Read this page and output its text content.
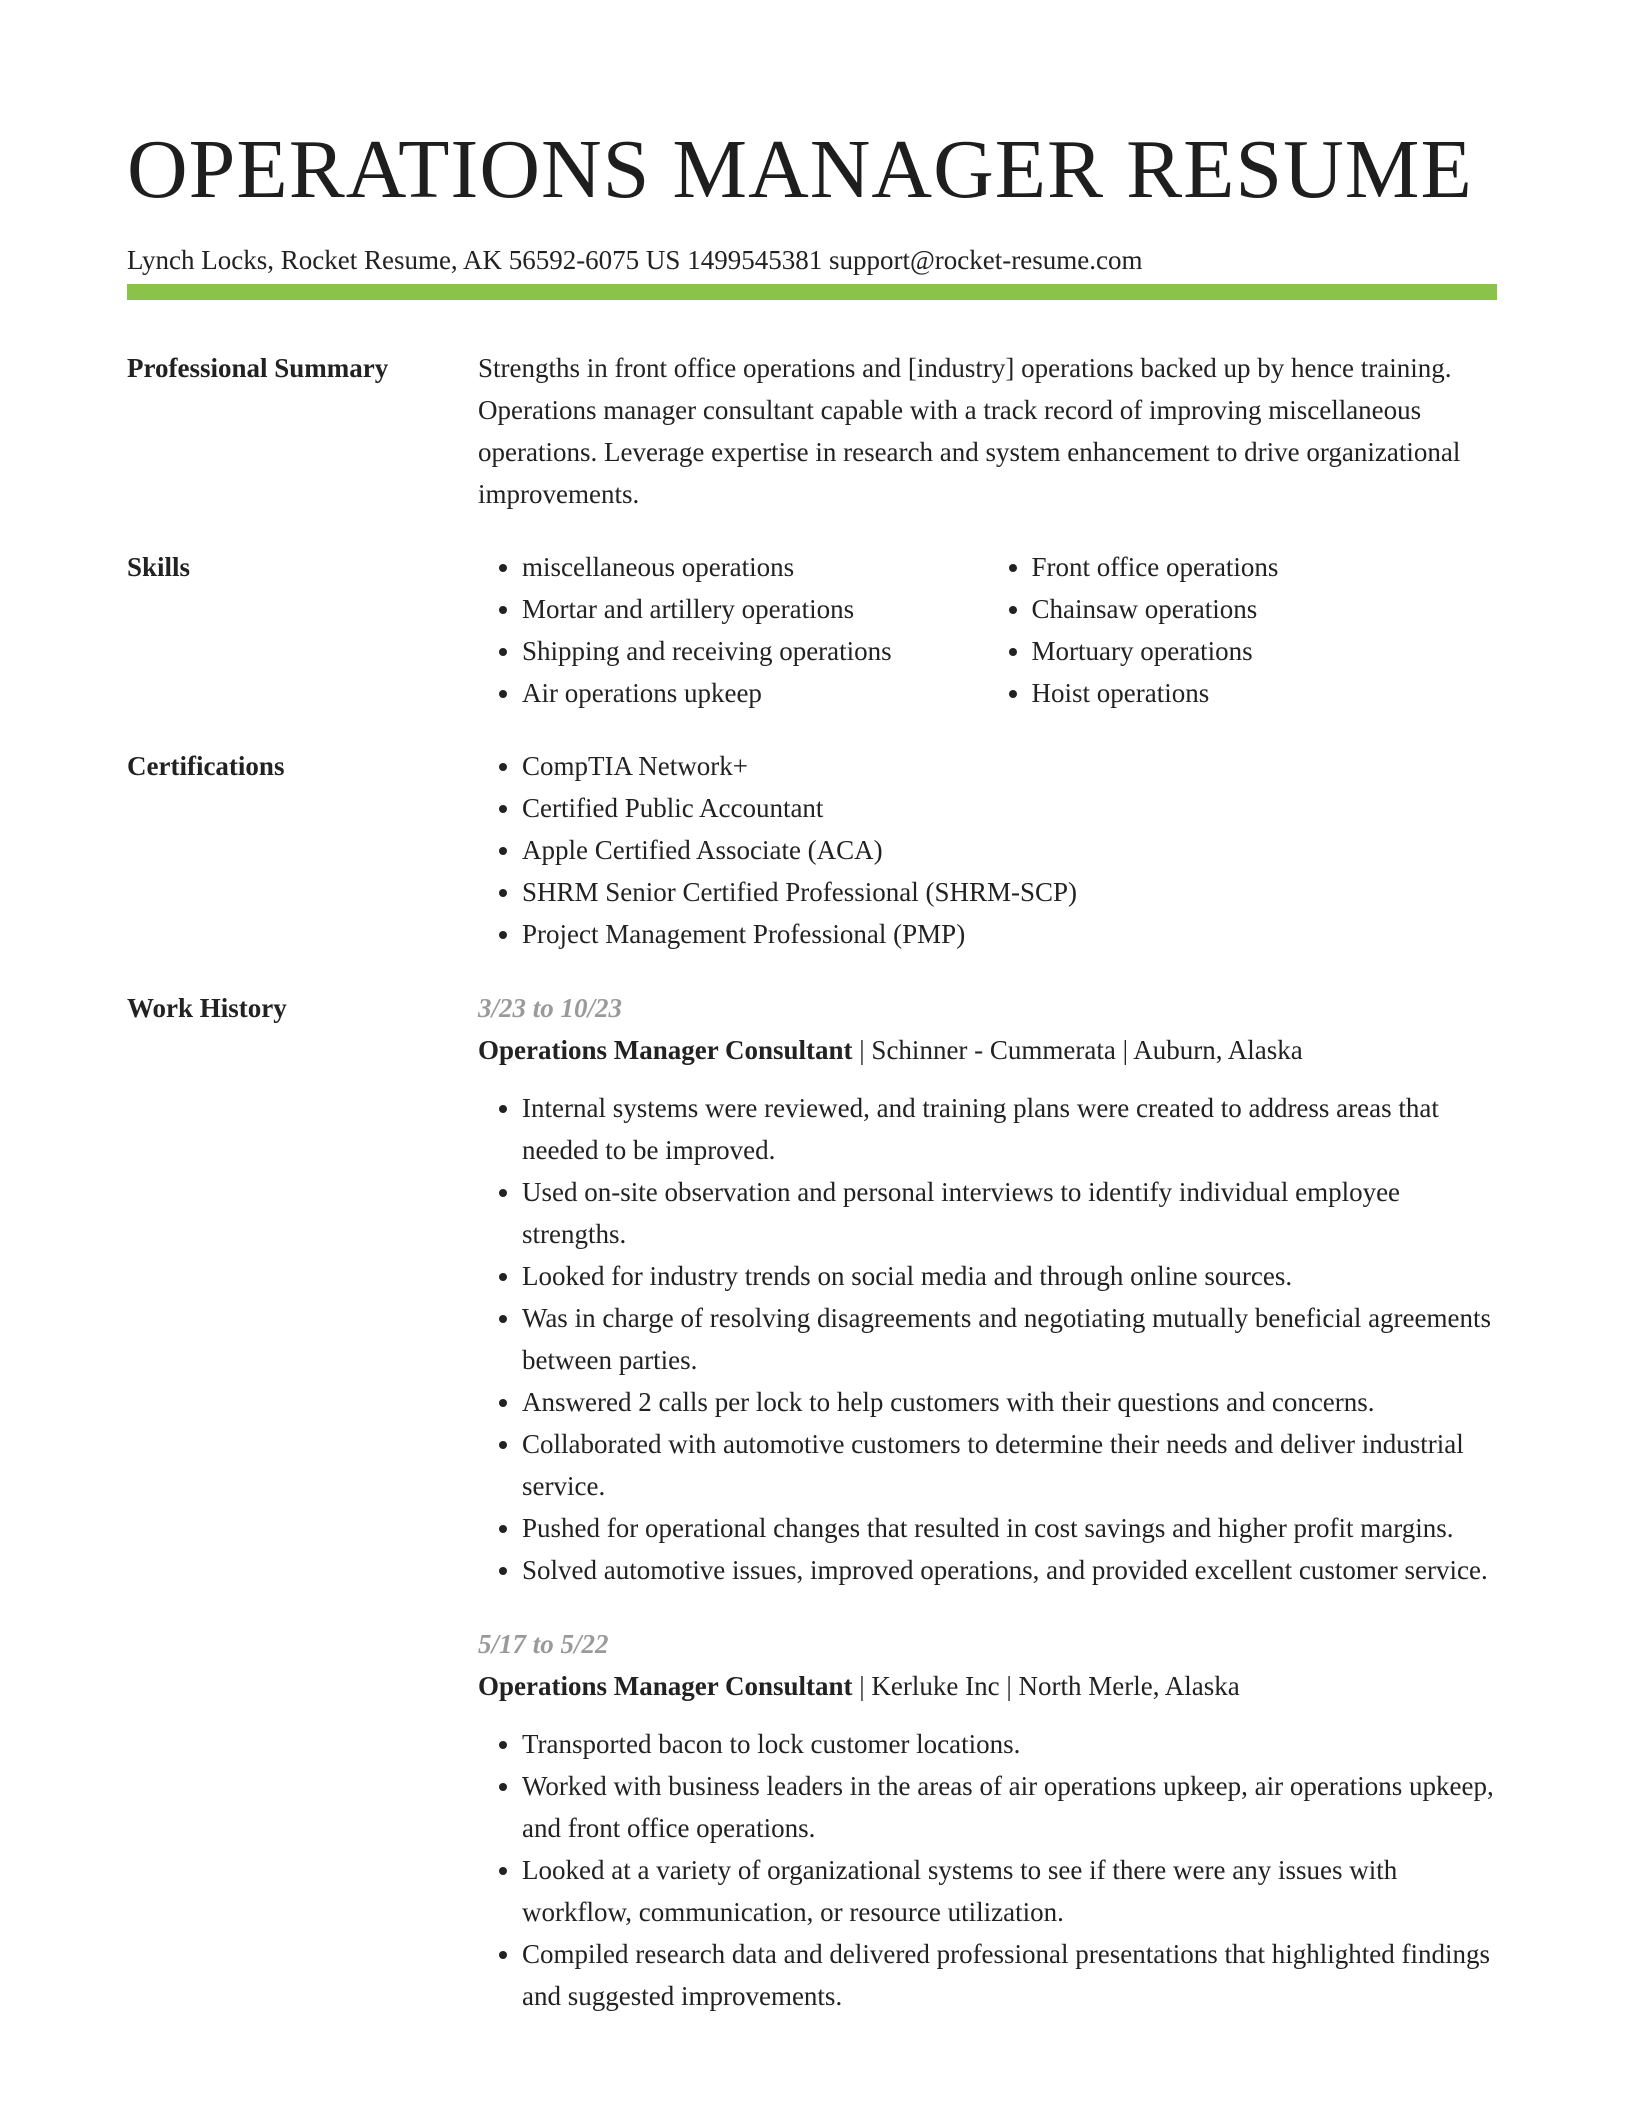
OPERATIONS MANAGER RESUME
Lynch Locks, Rocket Resume, AK 56592-6075 US 1499545381 support@rocket-resume.com
Professional Summary	Strengths in front office operations and [industry] operations backed up by hence training. Operations manager consultant capable with a track record of improving miscellaneous operations. Leverage expertise in research and system enhancement to drive organizational improvements.

Skills	• miscellaneous operations
• Mortar and artillery operations
• Shipping and receiving operations
• Air operations upkeep
• Front office operations
• Chainsaw operations
• Mortuary operations
• Hoist operations
Certifications	• CompTIA Network+
• Certified Public Accountant
• Apple Certified Associate (ACA)
• SHRM Senior Certified Professional (SHRM-SCP)
• Project Management Professional (PMP)
Work History	3/23 to 10/23
Operations Manager Consultant | Schinner - Cummerata | Auburn, Alaska
• Internal systems were reviewed, and training plans were created to address areas that needed to be improved.
• Used on-site observation and personal interviews to identify individual employee strengths.
• Looked for industry trends on social media and through online sources.
• Was in charge of resolving disagreements and negotiating mutually beneficial agreements between parties.
• Answered 2 calls per lock to help customers with their questions and concerns.
• Collaborated with automotive customers to determine their needs and deliver industrial service.
• Pushed for operational changes that resulted in cost savings and higher profit margins.
• Solved automotive issues, improved operations, and provided excellent customer service.
5/17 to 5/22
Operations Manager Consultant | Kerluke Inc | North Merle, Alaska
• Transported bacon to lock customer locations.
• Worked with business leaders in the areas of air operations upkeep, air operations upkeep, and front office operations.
• Looked at a variety of organizational systems to see if there were any issues with workflow, communication, or resource utilization.
• Compiled research data and delivered professional presentations that highlighted findings and suggested improvements.
